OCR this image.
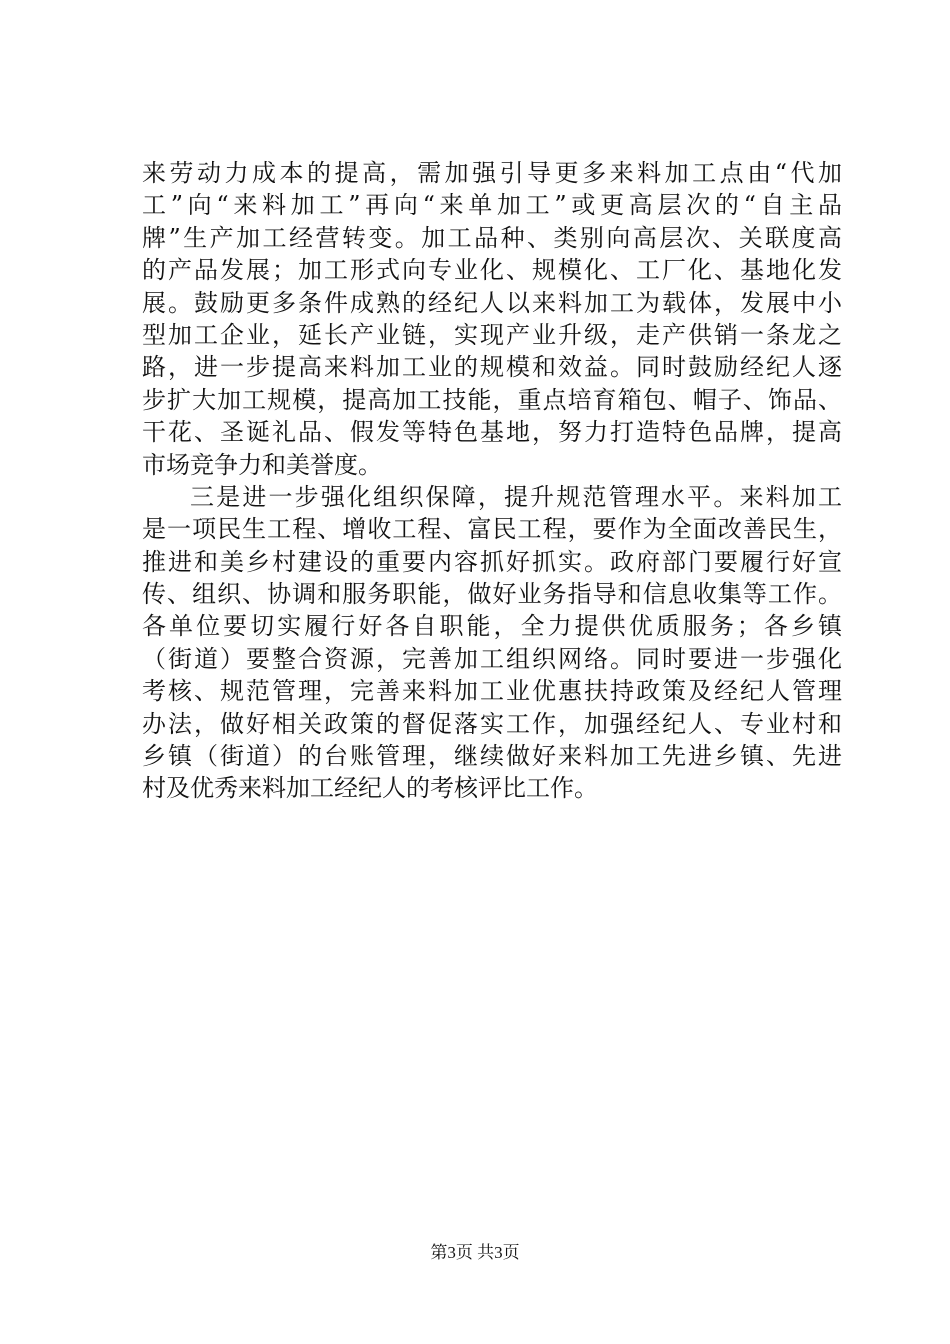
来劳动力成本的提高，需加强引导更多来料加工点由“代加
工”向“来料加工”再向“来单加工”或更高层次的“自主品
牌”生产加工经营转变。加工品种、类别向高层次、关联度高
的产品发展；加工形式向专业化、规模化、工厂化、基地化发
展。鼓励更多条件成熟的经纪人以来料加工为载体，发展中小
型加工企业，延长产业链，实现产业升级，走产供销一条龙之
路，进一步提高来料加工业的规模和效益。同时鼓励经纪人逐
步扩大加工规模，提高加工技能，重点培育箱包、帽子、饰品、
干花、圣诞礼品、假发等特色基地，努力打造特色品牌，提高
市场竞争力和美誉度。
三是进一步强化组织保障，提升规范管理水平。来料加工
是一项民生工程、增收工程、富民工程，要作为全面改善民生，
推进和美乡村建设的重要内容抓好抓实。政府部门要履行好宣
传、组织、协调和服务职能，做好业务指导和信息收集等工作。
各单位要切实履行好各自职能，全力提供优质服务；各乡镇
（街道）要整合资源，完善加工组织网络。同时要进一步强化
考核、规范管理，完善来料加工业优惠扶持政策及经纪人管理
办法，做好相关政策的督促落实工作，加强经纪人、专业村和
乡镇（街道）的台账管理，继续做好来料加工先进乡镇、先进
村及优秀来料加工经纪人的考核评比工作。
第3页 共3页
